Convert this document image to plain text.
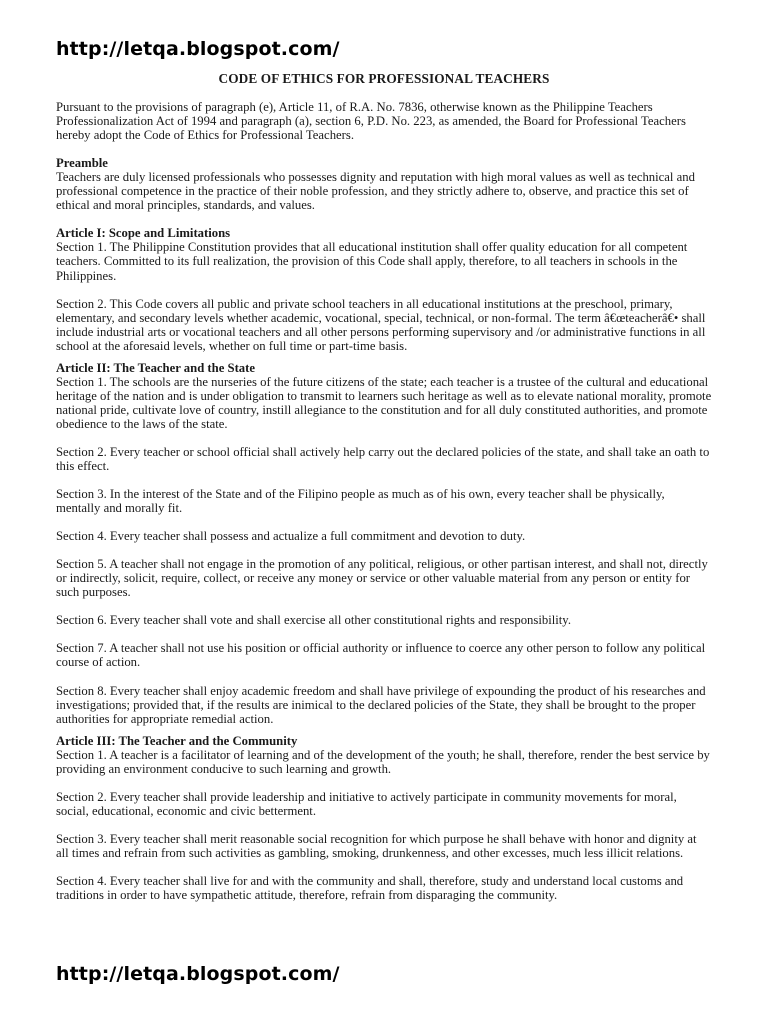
http://letqa.blogspot.com/
CODE OF ETHICS FOR PROFESSIONAL TEACHERS
Pursuant to the provisions of paragraph (e), Article 11, of R.A. No. 7836, otherwise known as the Philippine Teachers Professionalization Act of 1994 and paragraph (a), section 6, P.D. No. 223, as amended, the Board for Professional Teachers hereby adopt the Code of Ethics for Professional Teachers.
Preamble
Teachers are duly licensed professionals who possesses dignity and reputation with high moral values as well as technical and professional competence in the practice of their noble profession, and they strictly adhere to, observe, and practice this set of ethical and moral principles, standards, and values.
Article I: Scope and Limitations
Section 1. The Philippine Constitution provides that all educational institution shall offer quality education for all competent teachers. Committed to its full realization, the provision of this Code shall apply, therefore, to all teachers in schools in the Philippines.
Section 2. This Code covers all public and private school teachers in all educational institutions at the preschool, primary, elementary, and secondary levels whether academic, vocational, special, technical, or non-formal. The term â€œteacherâ€• shall include industrial arts or vocational teachers and all other persons performing supervisory and /or administrative functions in all school at the aforesaid levels, whether on full time or part-time basis.
Article II: The Teacher and the State
Section 1. The schools are the nurseries of the future citizens of the state; each teacher is a trustee of the cultural and educational heritage of the nation and is under obligation to transmit to learners such heritage as well as to elevate national morality, promote national pride, cultivate love of country, instill allegiance to the constitution and for all duly constituted authorities, and promote obedience to the laws of the state.
Section 2. Every teacher or school official shall actively help carry out the declared policies of the state, and shall take an oath to this effect.
Section 3. In the interest of the State and of the Filipino people as much as of his own, every teacher shall be physically, mentally and morally fit.
Section 4. Every teacher shall possess and actualize a full commitment and devotion to duty.
Section 5. A teacher shall not engage in the promotion of any political, religious, or other partisan interest, and shall not, directly or indirectly, solicit, require, collect, or receive any money or service or other valuable material from any person or entity for such purposes.
Section 6. Every teacher shall vote and shall exercise all other constitutional rights and responsibility.
Section 7. A teacher shall not use his position or official authority or influence to coerce any other person to follow any political course of action.
Section 8. Every teacher shall enjoy academic freedom and shall have privilege of expounding the product of his researches and investigations; provided that, if the results are inimical to the declared policies of the State, they shall be brought to the proper authorities for appropriate remedial action.
Article III: The Teacher and the Community
Section 1. A teacher is a facilitator of learning and of the development of the youth; he shall, therefore, render the best service by providing an environment conducive to such learning and growth.
Section 2. Every teacher shall provide leadership and initiative to actively participate in community movements for moral, social, educational, economic and civic betterment.
Section 3. Every teacher shall merit reasonable social recognition for which purpose he shall behave with honor and dignity at all times and refrain from such activities as gambling, smoking, drunkenness, and other excesses, much less illicit relations.
Section 4. Every teacher shall live for and with the community and shall, therefore, study and understand local customs and traditions in order to have sympathetic attitude, therefore, refrain from disparaging the community.
http://letqa.blogspot.com/
